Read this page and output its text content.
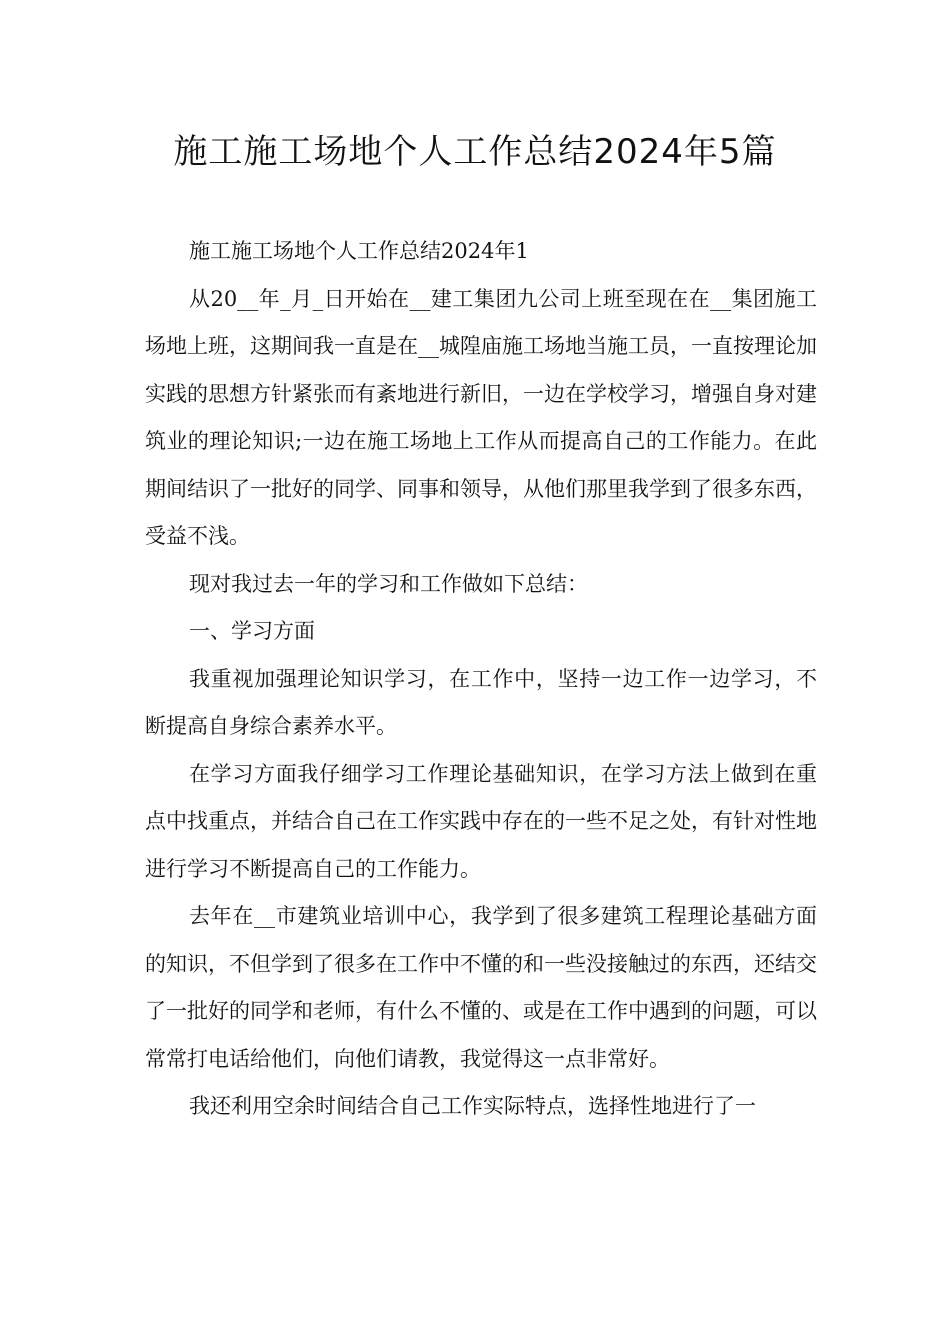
施工施工场地个人工作总结2024年5篇

施工施工场地个人工作总结2024年1

从20__年_月_日开始在__建工集团九公司上班至现在在__集团施工场地上班，这期间我一直是在__城隍庙施工场地当施工员，一直按理论加实践的思想方针紧张而有紊地进行新旧，一边在学校学习，增强自身对建筑业的理论知识;一边在施工场地上工作从而提高自己的工作能力。在此期间结识了一批好的同学、同事和领导，从他们那里我学到了很多东西，受益不浅。

现对我过去一年的学习和工作做如下总结：

一、学习方面

我重视加强理论知识学习，在工作中，坚持一边工作一边学习，不断提高自身综合素养水平。

在学习方面我仔细学习工作理论基础知识，在学习方法上做到在重点中找重点，并结合自己在工作实践中存在的一些不足之处，有针对性地进行学习不断提高自己的工作能力。

去年在__市建筑业培训中心，我学到了很多建筑工程理论基础方面的知识，不但学到了很多在工作中不懂的和一些没接触过的东西，还结交了一批好的同学和老师，有什么不懂的、或是在工作中遇到的问题，可以常常打电话给他们，向他们请教，我觉得这一点非常好。

我还利用空余时间结合自己工作实际特点，选择性地进行了一
